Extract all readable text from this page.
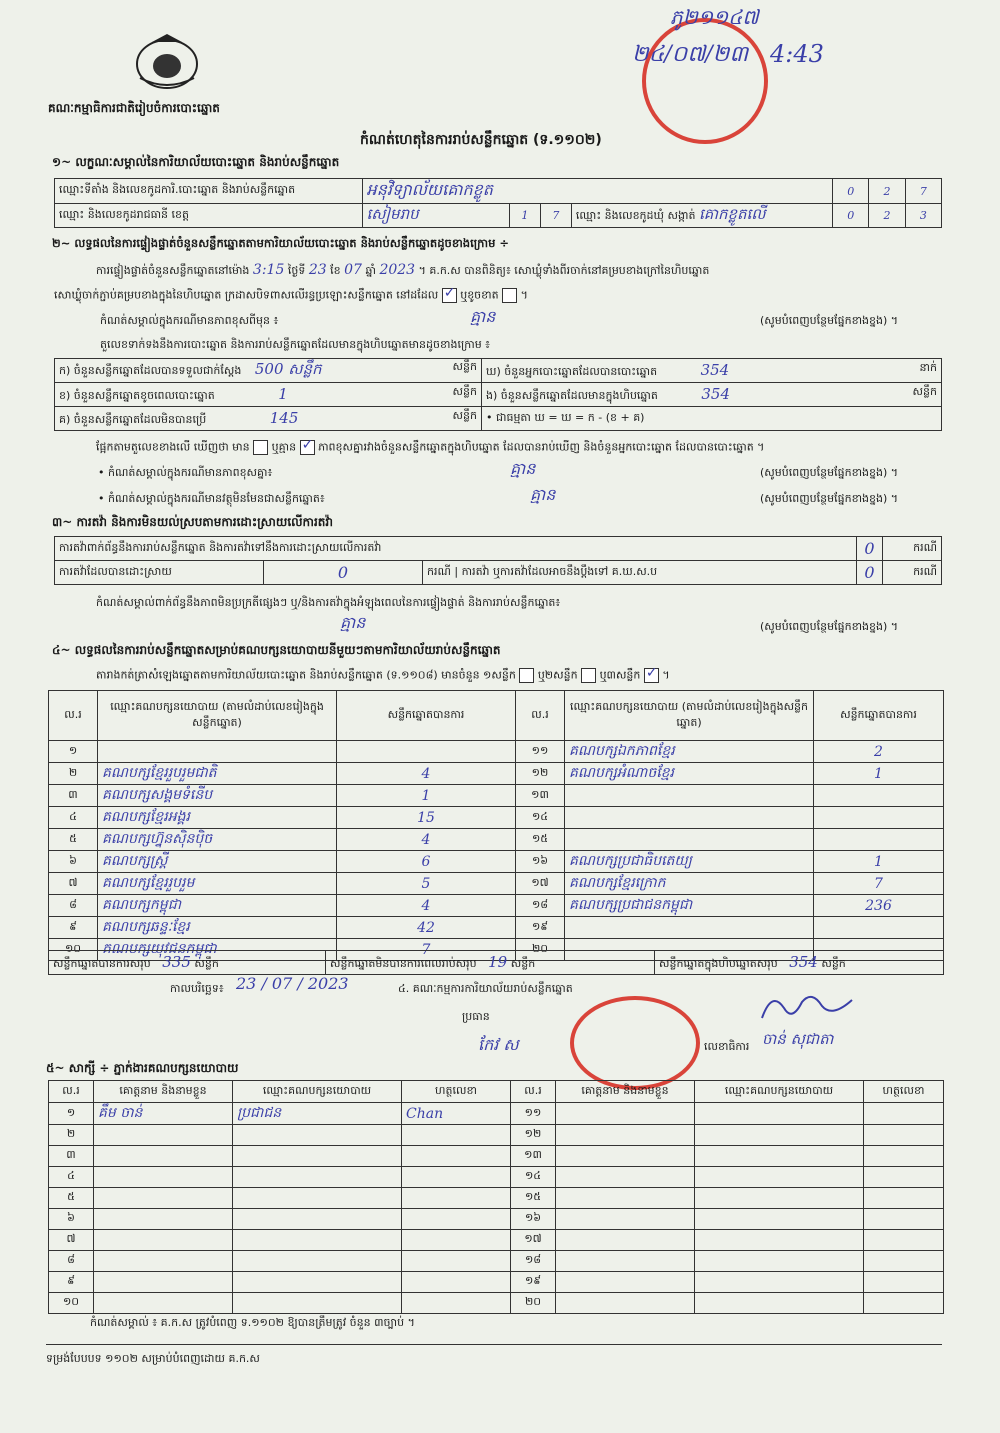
គណៈកម្មាធិការជាតិរៀបចំការបោះឆ្នោត
ភូ២១១៤៧
២៤/០៧/២៣ 4:43
កំណត់ហេតុនៃការរាប់សន្លឹកឆ្នោត (ទ.១១០២)
១~ លក្ខណៈសម្គាល់នៃការិយាល័យបោះឆ្នោត និងរាប់សន្លឹកឆ្នោត
ឈ្មោះទីតាំង និងលេខកូដការិ.បោះឆ្នោត និងរាប់សន្លឹកឆ្នោត	អនុវិទ្យាល័យគោកខ្លូត				0	2	7
ឈ្មោះ និងលេខកូដរាជធានី ខេត្ត	សៀមរាប	1	7	ឈ្មោះ និងលេខកូដឃុំ សង្កាត់ គោកខ្លូតលើ	0	2	3
២~ លទ្ធផលនៃការផ្ទៀងផ្ទាត់ចំនួនសន្លឹកឆ្នោតតាមការិយាល័យបោះឆ្នោត និងរាប់សន្លឹកឆ្នោតដូចខាងក្រោម ÷
ការផ្ទៀងផ្ទាត់ចំនួនសន្លឹកឆ្នោតនៅម៉ោង 3:15 ថ្ងៃទី 23 ខែ 07 ឆ្នាំ 2023 ។ គ.ក.ស បានពិនិត្យ៖ សោឃ្លុំទាំងពីរចាក់នៅគម្របខាងក្រៅនៃហិបឆ្នោត
សោឃ្លុំចាក់ភ្ជាប់គម្របខាងក្នុងនៃហិបឆ្នោត ក្រដាសបិទពាសលើរន្ធប្រឡោះសន្លឹកឆ្នោត នៅដដែល ✓ ឬខូចខាត  ។
កំណត់សម្គាល់ក្នុងករណីមានភាពខុសពីមុន ៖	គ្មាន	(សូមបំពេញបន្ថែមផ្នែកខាងខ្នង) ។
តួលេខទាក់ទងនឹងការបោះឆ្នោត និងការរាប់សន្លឹកឆ្នោតដែលមានក្នុងហិបឆ្នោតមានដូចខាងក្រោម ៖
ក) ចំនួនសន្លឹកឆ្នោតដែលបានទទួលជាក់ស្តែង 500 សន្លឹក សន្លឹក	ឃ) ចំនួនអ្នកបោះឆ្នោតដែលបានបោះឆ្នោត 354 នាក់

ខ) ចំនួនសន្លឹកឆ្នោតខូចពេលបោះឆ្នោត 1 សន្លឹក	ង) ចំនួនសន្លឹកឆ្នោតដែលមានក្នុងហិបឆ្នោត 354 សន្លឹក

គ) ចំនួនសន្លឹកឆ្នោតដែលមិនបានប្រើ 145 សន្លឹក	• ជាធម្មតា ឃ = ឃ = ក - (ខ + គ)
ផ្អែកតាមតួលេខខាងលើ ឃើញថា មាន ឬគ្មាន ✓ ភាពខុសគ្នារវាងចំនួនសន្លឹកឆ្នោតក្នុងហិបឆ្នោត ដែលបានរាប់ឃើញ និងចំនួនអ្នកបោះឆ្នោត ដែលបានបោះឆ្នោត ។
• កំណត់សម្គាល់ក្នុងករណីមានភាពខុសគ្នា៖	គ្មាន	(សូមបំពេញបន្ថែមផ្នែកខាងខ្នង) ។
• កំណត់សម្គាល់ក្នុងករណីមានវត្ថុមិនមែនជាសន្លឹកឆ្នោត៖	គ្មាន	(សូមបំពេញបន្ថែមផ្នែកខាងខ្នង) ។
៣~ ការតវ៉ា និងការមិនយល់ស្របតាមការដោះស្រាយលើការតវ៉ា
ការតវ៉ាពាក់ព័ន្ធនឹងការរាប់សន្លឹកឆ្នោត និងការតវ៉ាទៅនឹងការដោះស្រាយលើការតវ៉ា			0	ករណី
ការតវ៉ាដែលបានដោះស្រាយ	0	ករណី | ការតវ៉ា ឬការតវ៉ាដែលអាចនឹងប្តឹងទៅ គ.ឃ.ស.ប	0	ករណី
កំណត់សម្គាល់ពាក់ព័ន្ធនឹងភាពមិនប្រក្រតីផ្សេងៗ ឬ/និងការតវ៉ាក្នុងអំឡុងពេលនៃការផ្ទៀងផ្ទាត់ និងការរាប់សន្លឹកឆ្នោត៖
គ្មាន	(សូមបំពេញបន្ថែមផ្នែកខាងខ្នង) ។
៤~ លទ្ធផលនៃការរាប់សន្លឹកឆ្នោតសម្រាប់គណបក្សនយោបាយនីមួយៗតាមការិយាល័យរាប់សន្លឹកឆ្នោត
តារាងកត់ត្រាសំឡេងឆ្នោតតាមការិយាល័យបោះឆ្នោត និងរាប់សន្លឹកឆ្នោត (ទ.១១០៨) មានចំនួន ១សន្លឹក ឬ២សន្លឹក ឬ៣សន្លឹក ✓ ។
ល.រ	ឈ្មោះគណបក្សនយោបាយ (តាមលំដាប់លេខរៀងក្នុងសន្លឹកឆ្នោត)	សន្លឹកឆ្នោតបានការ	ល.រ	ឈ្មោះគណបក្សនយោបាយ (តាមលំដាប់លេខរៀងក្នុងសន្លឹកឆ្នោត)	សន្លឹកឆ្នោតបានការ
១			១១	គណបក្សឯកភាពខ្មែរ	2
២	គណបក្សខ្មែររួបរួមជាតិ	4	១២	គណបក្សអំណាចខ្មែរ	1
៣	គណបក្សសង្គមទំនើប	1	១៣		
៤	គណបក្សខ្មែរអង្គរ	15	១៤		
៥	គណបក្សហ្វ៊ុនស៊ិនប៉ិច	4	១៥		
៦	គណបក្សស្ត្រី	6	១៦	គណបក្សប្រជាធិបតេយ្យ	1
៧	គណបក្សខ្មែររួបរួម	5	១៧	គណបក្សខ្មែរក្រោក	7
៨	គណបក្សកម្ពុជា	4	១៨	គណបក្សប្រជាជនកម្ពុជា	236
៩	គណបក្សឆន្ទៈខ្មែរ	42	១៩		
១០	គណបក្សយុវជនកម្ពុជា	7	២០		
សន្លឹកឆ្នោតបានការសរុប 335 សន្លឹក	សន្លឹកឆ្នោតមិនបានការពេលរាប់សរុប 19 សន្លឹក	សន្លឹកឆ្នោតក្នុងហិបឆ្នោតសរុប 354 សន្លឹក
កាលបរិច្ឆេទ៖ 23 / 07 / 2023	៤. គណៈកម្មការការិយាល័យរាប់សន្លឹកឆ្នោត
ប្រធាន
កែវ ស	លេខាធិការ ចាន់ សុជាតា
៥~ សាក្សី ÷ ភ្នាក់ងារគណបក្សនយោបាយ
ល.រ	គោត្តនាម និងនាមខ្លួន	ឈ្មោះគណបក្សនយោបាយ	ហត្ថលេខា	ល.រ	គោត្តនាម និងនាមខ្លួន	ឈ្មោះគណបក្សនយោបាយ	ហត្ថលេខា
១	គឹម ចាន់	ប្រជាជន	Chan	១១			
២				១២			
៣				១៣			
៤				១៤			
៥				១៥			
៦				១៦			
៧				១៧			
៨				១៨			
៩				១៩			
១០				២០			
កំណត់សម្គាល់ ៖ គ.ក.ស ត្រូវបំពេញ ទ.១១០២ ឱ្យបានត្រឹមត្រូវ ចំនួន ៣ច្បាប់ ។
ទម្រង់បែបបទ ១១០២ សម្រាប់បំពេញដោយ គ.ក.ស
